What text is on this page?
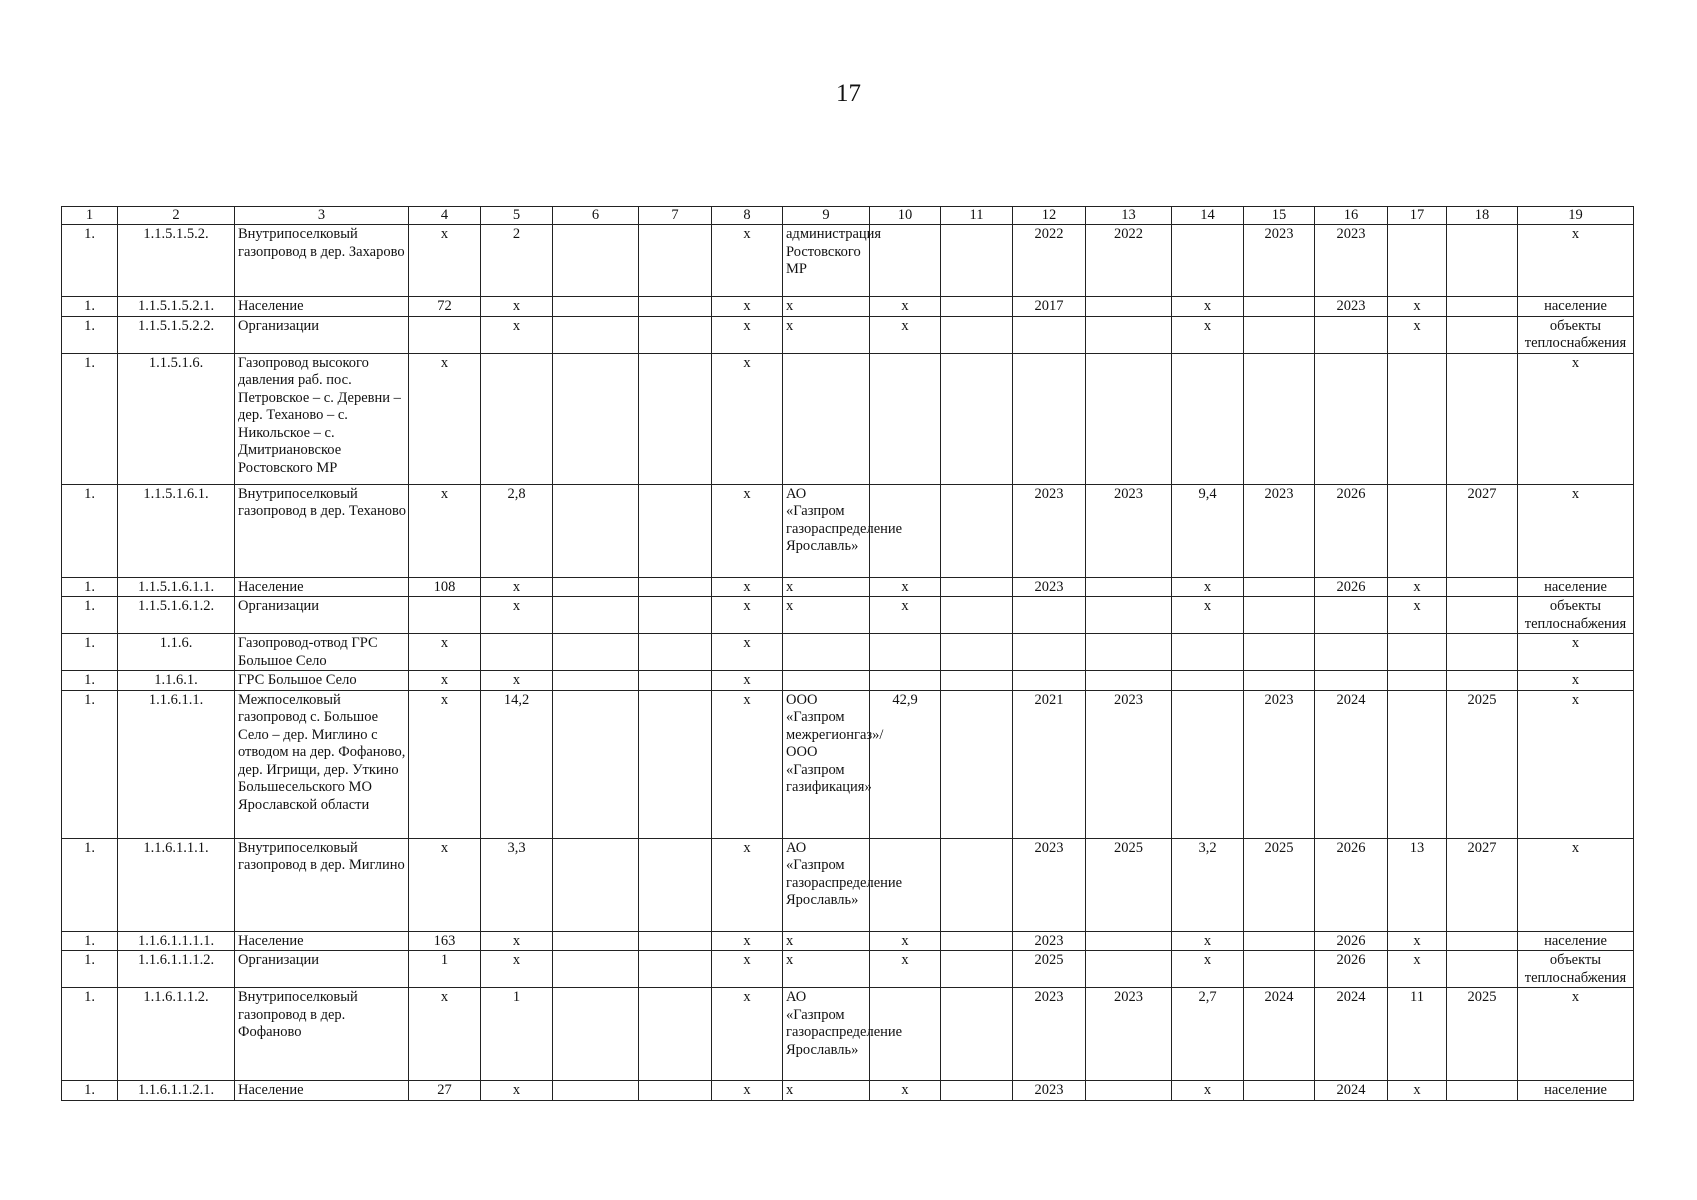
17
1	2	3	4	5	6	7	8	9	10	11	12	13	14	15	16	17	18	19
1.	1.1.5.1.5.2.	Внутрипоселковый газопровод в дер. Захарово	х	2			х	администрация Ростовского МР			2022	2022		2023	2023			х
1.	1.1.5.1.5.2.1.	Население	72	х			х	х	х		2017		х		2023	х		население
1.	1.1.5.1.5.2.2.	Организации		х			х	х	х				х			х		объекты теплоснабжения
1.	1.1.5.1.6.	Газопровод высокого давления раб. пос. Петровское – с. Деревни – дер. Теханово – с. Никольское – с. Дмитриановское Ростовского МР	х				х											х
1.	1.1.5.1.6.1.	Внутрипоселковый газопровод в дер. Теханово	х	2,8			х	АО «Газпром газораспределение Ярославль»			2023	2023	9,4	2023	2026		2027	х
1.	1.1.5.1.6.1.1.	Население	108	х			х	х	х		2023		х		2026	х		население
1.	1.1.5.1.6.1.2.	Организации		х			х	х	х				х			х		объекты теплоснабжения
1.	1.1.6.	Газопровод-отвод ГРС Большое Село	х				х											х
1.	1.1.6.1.	ГРС Большое Село	х	х			х											х
1.	1.1.6.1.1.	Межпоселковый газопровод с. Большое Село – дер. Миглино с отводом на дер. Фофаново, дер. Игрищи, дер. Уткино Большесельского МО Ярославской области	х	14,2			х	ООО «Газпром межрегионгаз»/ ООО «Газпром газификация»	42,9		2021	2023		2023	2024		2025	х
1.	1.1.6.1.1.1.	Внутрипоселковый газопровод в дер. Миглино	х	3,3			х	АО «Газпром газораспределение Ярославль»			2023	2025	3,2	2025	2026	13	2027	х
1.	1.1.6.1.1.1.1.	Население	163	х			х	х	х		2023		х		2026	х		население
1.	1.1.6.1.1.1.2.	Организации	1	х			х	х	х		2025		х		2026	х		объекты теплоснабжения
1.	1.1.6.1.1.2.	Внутрипоселковый газопровод в дер. Фофаново	х	1			х	АО «Газпром газораспределение Ярославль»			2023	2023	2,7	2024	2024	11	2025	х
1.	1.1.6.1.1.2.1.	Население	27	х			х	х	х		2023		х		2024	х		население
